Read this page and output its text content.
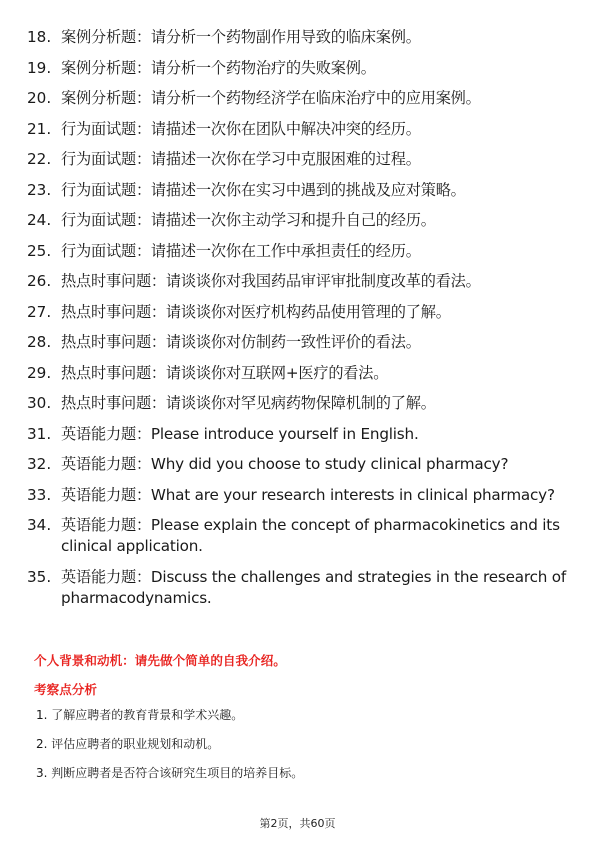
18. 案例分析题：请分析一个药物副作用导致的临床案例。
19. 案例分析题：请分析一个药物治疗的失败案例。
20. 案例分析题：请分析一个药物经济学在临床治疗中的应用案例。
21. 行为面试题：请描述一次你在团队中解决冲突的经历。
22. 行为面试题：请描述一次你在学习中克服困难的过程。
23. 行为面试题：请描述一次你在实习中遇到的挑战及应对策略。
24. 行为面试题：请描述一次你主动学习和提升自己的经历。
25. 行为面试题：请描述一次你在工作中承担责任的经历。
26. 热点时事问题：请谈谈你对我国药品审评审批制度改革的看法。
27. 热点时事问题：请谈谈你对医疗机构药品使用管理的了解。
28. 热点时事问题：请谈谈你对仿制药一致性评价的看法。
29. 热点时事问题：请谈谈你对互联网+医疗的看法。
30. 热点时事问题：请谈谈你对罕见病药物保障机制的了解。
31. 英语能力题：Please introduce yourself in English.
32. 英语能力题：Why did you choose to study clinical pharmacy?
33. 英语能力题：What are your research interests in clinical pharmacy?
34. 英语能力题：Please explain the concept of pharmacokinetics and its clinical application.
35. 英语能力题：Discuss the challenges and strategies in the research of pharmacodynamics.
个人背景和动机：请先做个简单的自我介绍。
考察点分析
1. 了解应聘者的教育背景和学术兴趣。
2. 评估应聘者的职业规划和动机。
3. 判断应聘者是否符合该研究生项目的培养目标。
第2页，共60页
